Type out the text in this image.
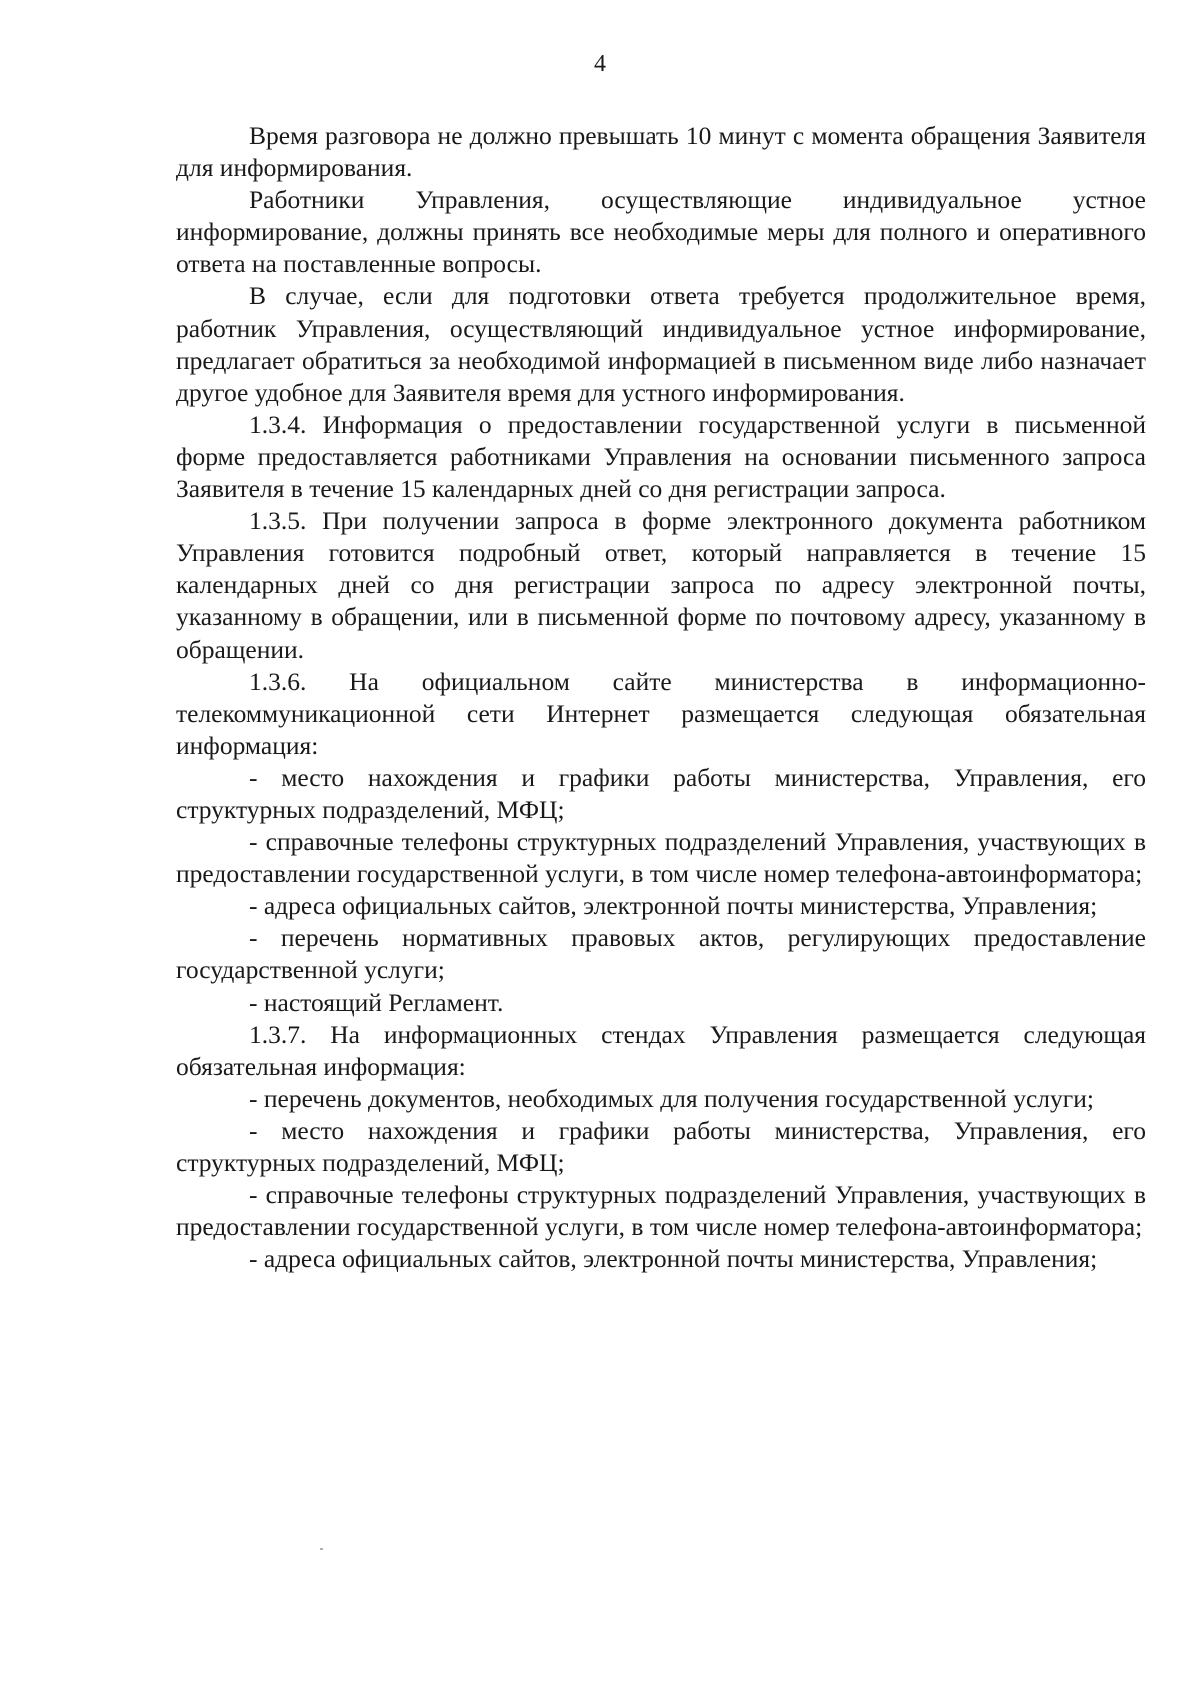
4

Время разговора не должно превышать 10 минут с момента обращения Заявителя для информирования.

Работники Управления, осуществляющие индивидуальное устное информирование, должны принять все необходимые меры для полного и оперативного ответа на поставленные вопросы.

В случае, если для подготовки ответа требуется продолжительное время, работник Управления, осуществляющий индивидуальное устное информирование, предлагает обратиться за необходимой информацией в письменном виде либо назначает другое удобное для Заявителя время для устного информирования.

1.3.4. Информация о предоставлении государственной услуги в письменной форме предоставляется работниками Управления на основании письменного запроса Заявителя в течение 15 календарных дней со дня регистрации запроса.

1.3.5. При получении запроса в форме электронного документа работником Управления готовится подробный ответ, который направляется в течение 15 календарных дней со дня регистрации запроса по адресу электронной почты, указанному в обращении, или в письменной форме по почтовому адресу, указанному в обращении.

1.3.6. На официальном сайте министерства в информационно-телекоммуникационной сети Интернет размещается следующая обязательная информация:

- место нахождения и графики работы министерства, Управления, его структурных подразделений, МФЦ;

- справочные телефоны структурных подразделений Управления, участвующих в предоставлении государственной услуги, в том числе номер телефона-автоинформатора;

- адреса официальных сайтов, электронной почты министерства, Управления;

- перечень нормативных правовых актов, регулирующих предоставление государственной услуги;

- настоящий Регламент.

1.3.7. На информационных стендах Управления размещается следующая обязательная информация:

- перечень документов, необходимых для получения государственной услуги;

- место нахождения и графики работы министерства, Управления, его структурных подразделений, МФЦ;

- справочные телефоны структурных подразделений Управления, участвующих в предоставлении государственной услуги, в том числе номер телефона-автоинформатора;

- адреса официальных сайтов, электронной почты министерства, Управления;
